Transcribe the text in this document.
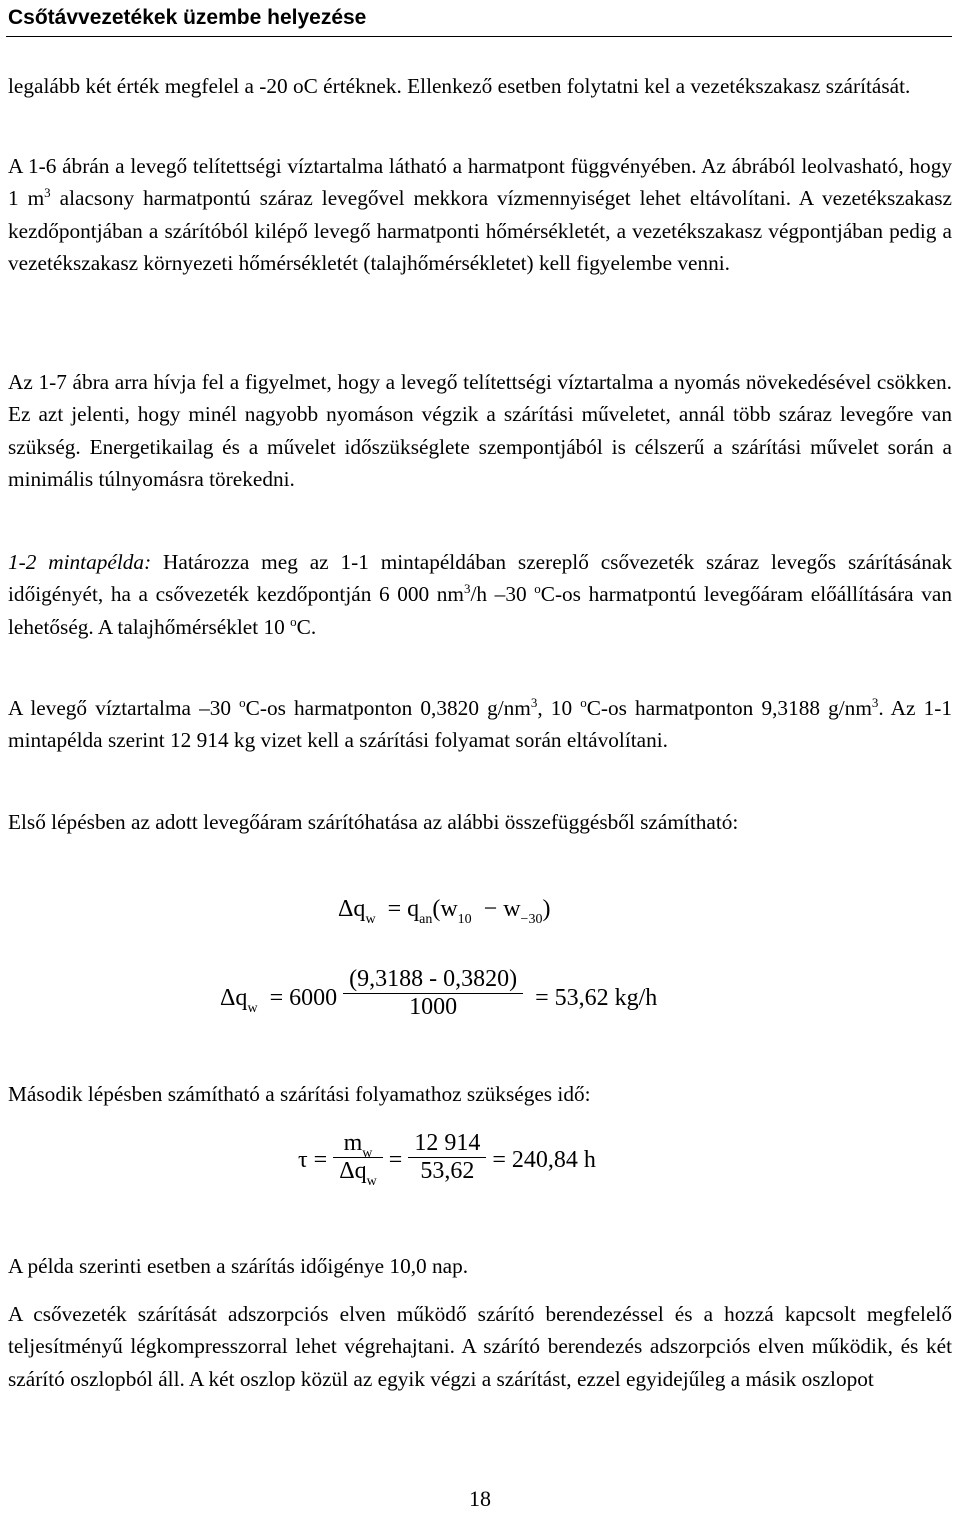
Csőtávvezetékek üzembe helyezése

legalább két érték megfelel a -20 oC értéknek. Ellenkező esetben folytatni kel a vezetékszakasz szárítását.

A 1-6 ábrán a levegő telítettségi víztartalma látható a harmatpont függvényében. Az ábrából leolvasható, hogy 1 $m^3$ alacsony harmatpontú száraz levegővel mekkora vízmennyiséget lehet eltávolítani. A vezetékszakasz kezdőpontjában a szárítóból kilépő levegő harmatponti hőmérsékletét, a vezetékszakasz végpontjában pedig a vezetékszakasz környezeti hőmérsékletét (talajhőmérsékletet) kell figyelembe venni.

Az 1-7 ábra arra hívja fel a figyelmet, hogy a levegő telítettségi víztartalma a nyomás növekedésével csökken. Ez azt jelenti, hogy minél nagyobb nyomáson végzik a szárítási műveletet, annál több száraz levegőre van szükség. Energetikailag és a művelet időszükséglete szempontjából is célszerű a szárítási művelet során a minimális túlnyomásra törekedni.

1-2 mintapélda: Határozza meg az 1-1 mintapéldában szereplő csővezeték száraz levegős szárításának időigényét, ha a csővezeték kezdőpontján 6 000 $nm^3/h$ –30 $^o$C-os harmatpontú levegőáram előállítására van lehetőség. A talajhőmérséklet 10 $^o$C.

A levegő víztartalma –30 $^o$C-os harmatponton 0,3820 $g/nm^3$, 10 $^o$C-os harmatponton 9,3188 $g/nm^3$. Az 1-1 mintapélda szerint 12 914 kg vizet kell a szárítási folyamat során eltávolítani.

Első lépésben az adott levegőáram szárítóhatása az alábbi összefüggésből számítható:

$\Delta q_w = q_{an}(w_{10} - w_{-30})$
$\Delta q_w = 6000 \frac{(9,3188 - 0,3820)}{1000} = 53,62$ kg/h

Második lépésben számítható a szárítási folyamathoz szükséges idő:

$\tau = \frac{m_w}{\Delta q_w} = \frac{12 914}{53,62} = 240,84$ h

A példa szerinti esetben a szárítás időigénye 10,0 nap.

A csővezeték szárítását adszorpciós elven működő szárító berendezéssel és a hozzá kapcsolt megfelelő teljesítményű légkompresszorral lehet végrehajtani. A szárító berendezés adszorpciós elven működik, és két szárító oszlopból áll. A két oszlop közül az egyik végzi a szárítást, ezzel egyidejűleg a másik oszlopot

18
